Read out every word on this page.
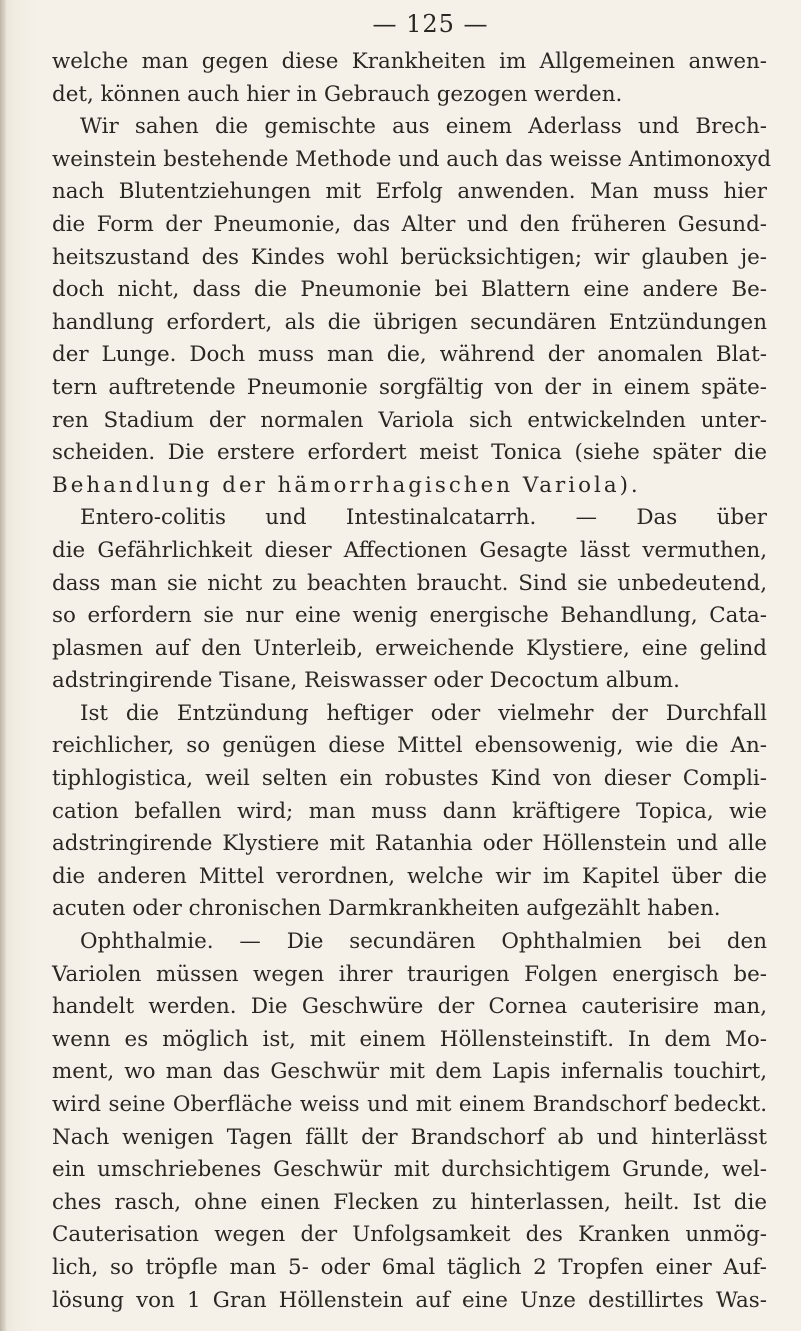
— 125 —
welche man gegen diese Krankheiten im Allgemeinen anwen-
det, können auch hier in Gebrauch gezogen werden.
Wir sahen die gemischte aus einem Aderlass und Brech-
weinstein bestehende Methode und auch das weisse Antimonoxyd
nach Blutentziehungen mit Erfolg anwenden. Man muss hier
die Form der Pneumonie, das Alter und den früheren Gesund-
heitszustand des Kindes wohl berücksichtigen; wir glauben je-
doch nicht, dass die Pneumonie bei Blattern eine andere Be-
handlung erfordert, als die übrigen secundären Entzündungen
der Lunge. Doch muss man die, während der anomalen Blat-
tern auftretende Pneumonie sorgfältig von der in einem späte-
ren Stadium der normalen Variola sich entwickelnden unter-
scheiden. Die erstere erfordert meist Tonica (siehe später die
Behandlung der hämorrhagischen Variola).
Entero-colitis und Intestinalcatarrh. — Das über
die Gefährlichkeit dieser Affectionen Gesagte lässt vermuthen,
dass man sie nicht zu beachten braucht. Sind sie unbedeutend,
so erfordern sie nur eine wenig energische Behandlung, Cata-
plasmen auf den Unterleib, erweichende Klystiere, eine gelind
adstringirende Tisane, Reiswasser oder Decoctum album.
Ist die Entzündung heftiger oder vielmehr der Durchfall
reichlicher, so genügen diese Mittel ebensowenig, wie die An-
tiphlogistica, weil selten ein robustes Kind von dieser Compli-
cation befallen wird; man muss dann kräftigere Topica, wie
adstringirende Klystiere mit Ratanhia oder Höllenstein und alle
die anderen Mittel verordnen, welche wir im Kapitel über die
acuten oder chronischen Darmkrankheiten aufgezählt haben.
Ophthalmie. — Die secundären Ophthalmien bei den
Variolen müssen wegen ihrer traurigen Folgen energisch be-
handelt werden. Die Geschwüre der Cornea cauterisire man,
wenn es möglich ist, mit einem Höllensteinstift. In dem Mo-
ment, wo man das Geschwür mit dem Lapis infernalis touchirt,
wird seine Oberfläche weiss und mit einem Brandschorf bedeckt.
Nach wenigen Tagen fällt der Brandschorf ab und hinterlässt
ein umschriebenes Geschwür mit durchsichtigem Grunde, wel-
ches rasch, ohne einen Flecken zu hinterlassen, heilt. Ist die
Cauterisation wegen der Unfolgsamkeit des Kranken unmög-
lich, so tröpfle man 5- oder 6mal täglich 2 Tropfen einer Auf-
lösung von 1 Gran Höllenstein auf eine Unze destillirtes Was-
